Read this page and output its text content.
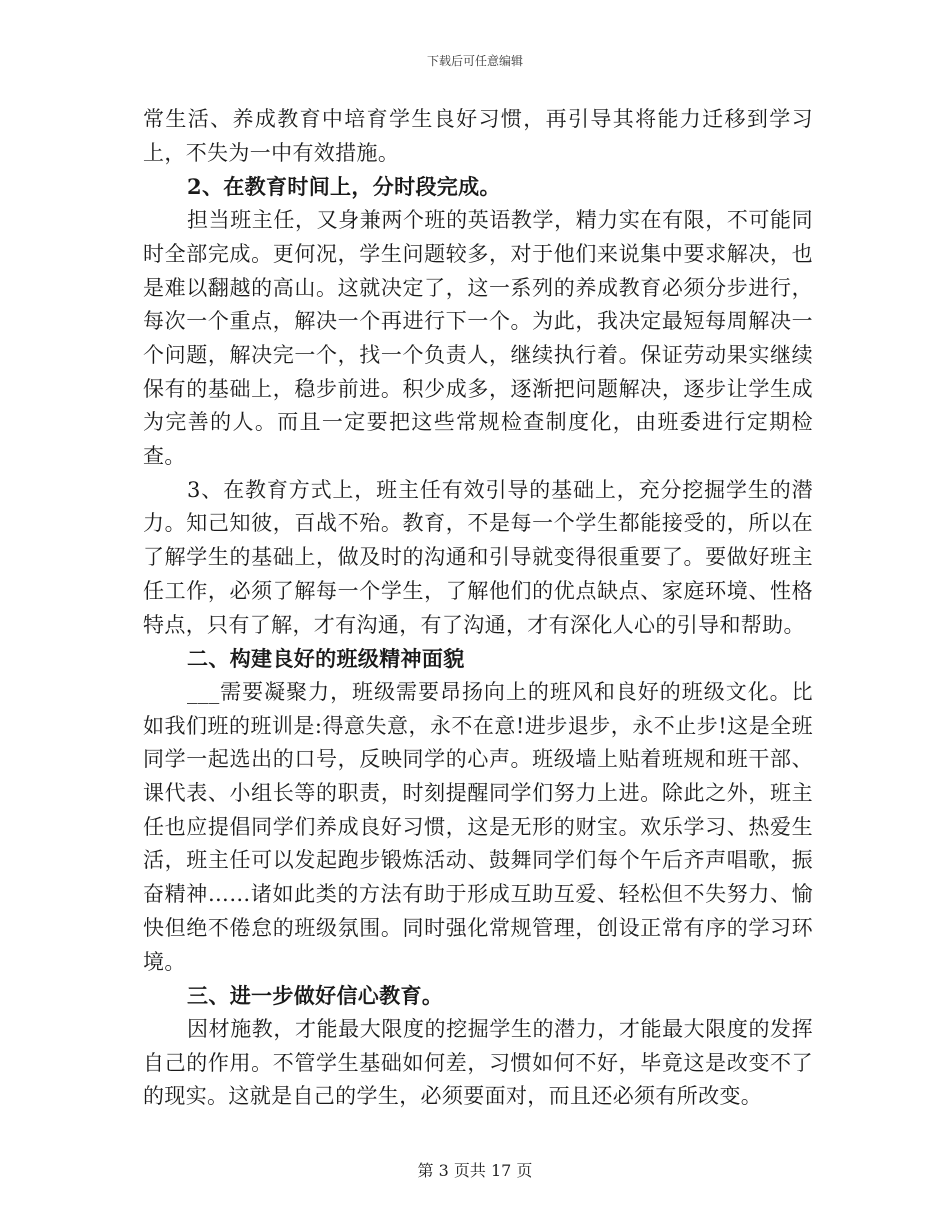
下载后可任意编辑

常生活、养成教育中培育学生良好习惯，再引导其将能力迁移到学习上，不失为一中有效措施。

2、在教育时间上，分时段完成。

担当班主任，又身兼两个班的英语教学，精力实在有限，不可能同时全部完成。更何况，学生问题较多，对于他们来说集中要求解决，也是难以翻越的高山。这就决定了，这一系列的养成教育必须分步进行，每次一个重点，解决一个再进行下一个。为此，我决定最短每周解决一个问题，解决完一个，找一个负责人，继续执行着。保证劳动果实继续保有的基础上，稳步前进。积少成多，逐渐把问题解决，逐步让学生成为完善的人。而且一定要把这些常规检查制度化，由班委进行定期检查。

3、在教育方式上，班主任有效引导的基础上，充分挖掘学生的潜力。知己知彼，百战不殆。教育，不是每一个学生都能接受的，所以在了解学生的基础上，做及时的沟通和引导就变得很重要了。要做好班主任工作，必须了解每一个学生，了解他们的优点缺点、家庭环境、性格特点，只有了解，才有沟通，有了沟通，才有深化人心的引导和帮助。

二、构建良好的班级精神面貌

___需要凝聚力，班级需要昂扬向上的班风和良好的班级文化。比如我们班的班训是:得意失意，永不在意!进步退步，永不止步!这是全班同学一起选出的口号，反映同学的心声。班级墙上贴着班规和班干部、课代表、小组长等的职责，时刻提醒同学们努力上进。除此之外，班主任也应提倡同学们养成良好习惯，这是无形的财宝。欢乐学习、热爱生活，班主任可以发起跑步锻炼活动、鼓舞同学们每个午后齐声唱歌，振奋精神……诸如此类的方法有助于形成互助互爱、轻松但不失努力、愉快但绝不倦怠的班级氛围。同时强化常规管理，创设正常有序的学习环境。

三、进一步做好信心教育。

因材施教，才能最大限度的挖掘学生的潜力，才能最大限度的发挥自己的作用。不管学生基础如何差，习惯如何不好，毕竟这是改变不了的现实。这就是自己的学生，必须要面对，而且还必须有所改变。

第 3 页共 17 页
